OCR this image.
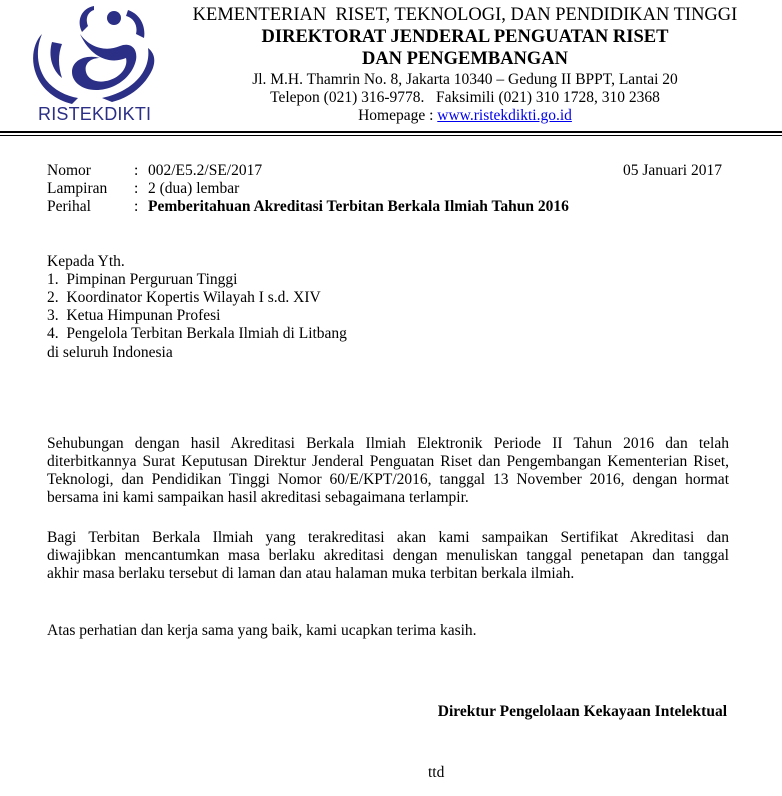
RISTEKDIKTI
KEMENTERIAN  RISET, TEKNOLOGI, DAN PENDIDIKAN TINGGI
DIREKTORAT JENDERAL PENGUATAN RISET
DAN PENGEMBANGAN
Jl. M.H. Thamrin No. 8, Jakarta 10340 – Gedung II BPPT, Lantai 20
Telepon (021) 316-9778.   Faksimili (021) 310 1728, 310 2368
Homepage : www.ristekdikti.go.id
Nomor	: 002/E5.2/SE/2017	05 Januari 2017
Lampiran : 2 (dua) lembar
Perihal	: Pemberitahuan Akreditasi Terbitan Berkala Ilmiah Tahun 2016
Kepada Yth.
1.  Pimpinan Perguruan Tinggi
2.  Koordinator Kopertis Wilayah I s.d. XIV
3.  Ketua Himpunan Profesi
4.  Pengelola Terbitan Berkala Ilmiah di Litbang
di seluruh Indonesia
Sehubungan dengan hasil Akreditasi Berkala Ilmiah Elektronik Periode II Tahun 2016 dan telah
diterbitkannya Surat Keputusan Direktur Jenderal Penguatan Riset dan Pengembangan Kementerian Riset,
Teknologi, dan Pendidikan Tinggi Nomor 60/E/KPT/2016, tanggal 13 November 2016, dengan hormat
bersama ini kami sampaikan hasil akreditasi sebagaimana terlampir.
Bagi Terbitan Berkala Ilmiah yang terakreditasi akan kami sampaikan Sertifikat Akreditasi dan
diwajibkan mencantumkan masa berlaku akreditasi dengan menuliskan tanggal penetapan dan tanggal
akhir masa berlaku tersebut di laman dan atau halaman muka terbitan berkala ilmiah.
Atas perhatian dan kerja sama yang baik, kami ucapkan terima kasih.
Direktur Pengelolaan Kekayaan Intelektual
ttd
